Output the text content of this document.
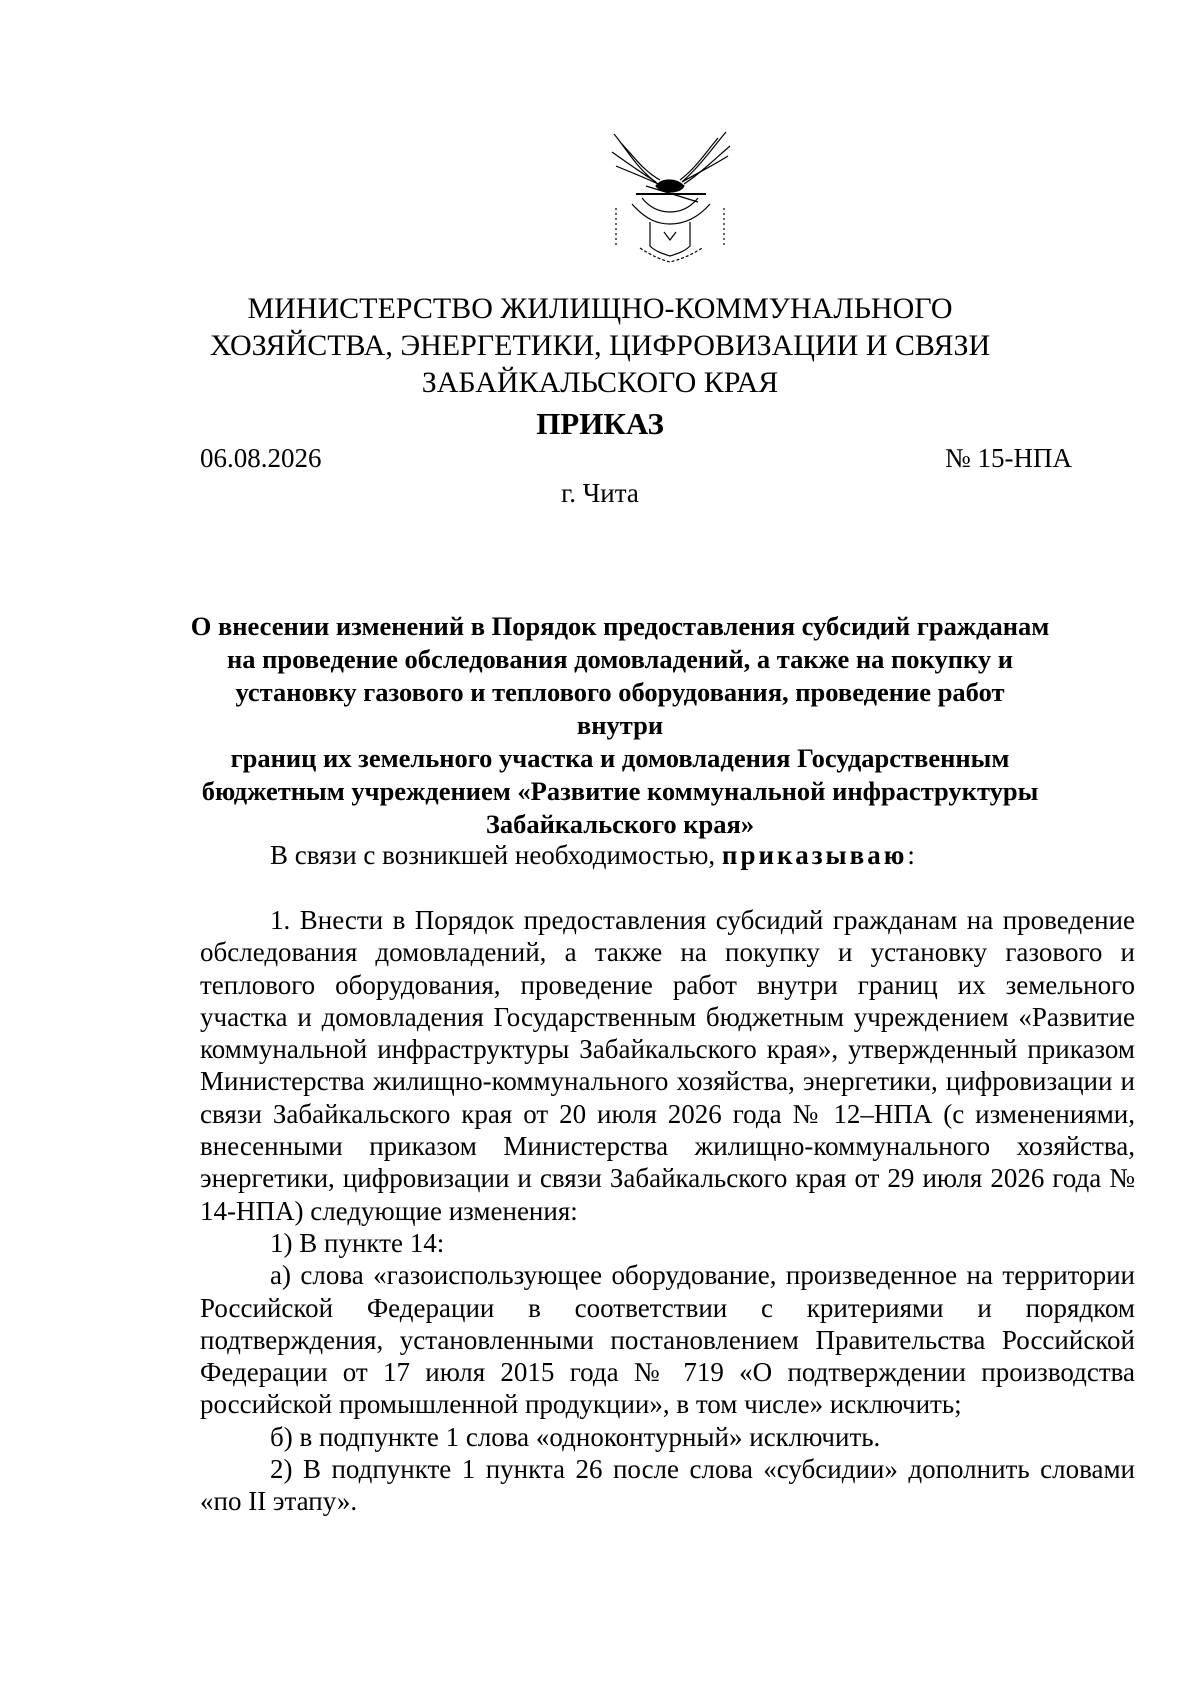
МИНИСТЕРСТВО ЖИЛИЩНО-КОММУНАЛЬНОГО
ХОЗЯЙСТВА, ЭНЕРГЕТИКИ, ЦИФРОВИЗАЦИИ И СВЯЗИ
ЗАБАЙКАЛЬСКОГО КРАЯ
ПРИКАЗ
06.08.2026	№ 15-НПА
г. Чита
О внесении изменений в Порядок предоставления субсидий гражданам
на проведение обследования домовладений, а также на покупку и
установку газового и теплового оборудования, проведение работ внутри
границ их земельного участка и домовладения Государственным
бюджетным учреждением «Развитие коммунальной инфраструктуры
Забайкальского края»
В связи с возникшей необходимостью, приказываю:

1. Внести в Порядок предоставления субсидий гражданам на проведение обследования домовладений, а также на покупку и установку газового и теплового оборудования, проведение работ внутри границ их земельного участка и домовладения Государственным бюджетным учреждением «Развитие коммунальной инфраструктуры Забайкальского края», утвержденный приказом Министерства жилищно-коммунального хозяйства, энергетики, цифровизации и связи Забайкальского края от 20 июля 2026 года № 12–НПА (с изменениями, внесенными приказом Министерства жилищно-коммунального хозяйства, энергетики, цифровизации и связи Забайкальского края от 29 июля 2026 года № 14-НПА) следующие изменения:

1) В пункте 14:

а) слова «газоиспользующее оборудование, произведенное на территории Российской Федерации в соответствии с критериями и порядком подтверждения, установленными постановлением Правительства Российской Федерации от 17 июля 2015 года № 719 «О подтверждении производства российской промышленной продукции», в том числе» исключить;

б) в подпункте 1 слова «одноконтурный» исключить.

2) В подпункте 1 пункта 26 после слова «субсидии» дополнить словами «по II этапу».
